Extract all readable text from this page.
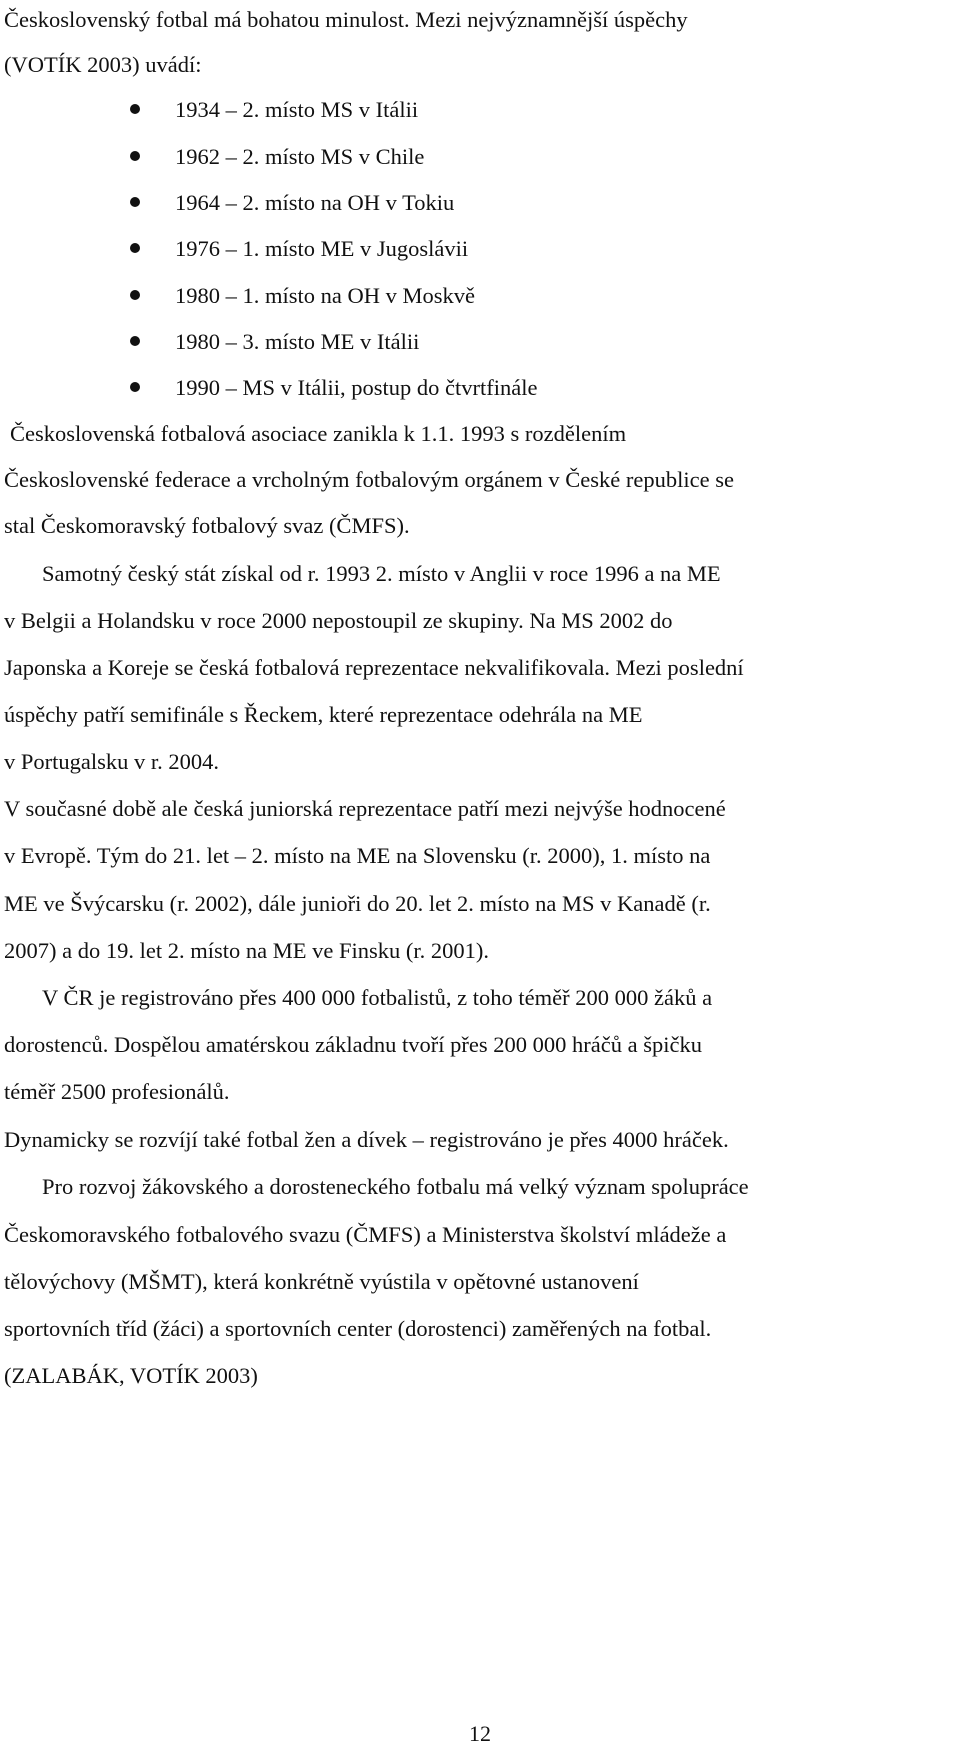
Československý fotbal má bohatou minulost. Mezi nejvýznamnější úspěchy
(VOTÍK 2003) uvádí:
1934 – 2. místo MS v Itálii
1962 – 2. místo MS v Chile
1964 – 2. místo na OH v Tokiu
1976 – 1. místo ME v Jugoslávii
1980 – 1. místo na OH v Moskvě
1980 – 3. místo ME v Itálii
1990 – MS v Itálii, postup do čtvrtfinále
Československá fotbalová asociace zanikla k 1.1. 1993 s rozdělením
Československé federace a vrcholným fotbalovým orgánem v České republice se
stal Českomoravský fotbalový svaz (ČMFS).
Samotný český stát získal od r. 1993 2. místo v Anglii v roce 1996 a na ME
v Belgii a Holandsku v roce 2000 nepostoupil ze skupiny. Na MS 2002 do
Japonska a Koreje se česká fotbalová reprezentace nekvalifikovala. Mezi poslední
úspěchy patří semifinále s Řeckem, které reprezentace odehrála na ME
v Portugalsku v r. 2004.
V současné době ale česká juniorská reprezentace patří mezi nejvýše hodnocené
v Evropě. Tým do 21. let – 2. místo na ME na Slovensku (r. 2000), 1. místo na
ME ve Švýcarsku (r. 2002), dále junioři do 20. let 2. místo na MS v Kanadě (r.
2007) a do 19. let 2. místo na ME ve Finsku (r. 2001).
V ČR je registrováno přes 400 000 fotbalistů, z toho téměř 200 000 žáků a
dorostenců. Dospělou amatérskou základnu tvoří přes 200 000 hráčů a špičku
téměř 2500 profesionálů.
Dynamicky se rozvíjí také fotbal žen a dívek – registrováno je přes 4000 hráček.
Pro rozvoj žákovského a dorosteneckého fotbalu má velký význam spolupráce
Českomoravského fotbalového svazu (ČMFS) a Ministerstva školství mládeže a
tělovýchovy (MŠMT), která konkrétně vyústila v opětovné ustanovení
sportovních tříd (žáci) a sportovních center (dorostenci) zaměřených na fotbal.
(ZALABÁK, VOTÍK 2003)
12
